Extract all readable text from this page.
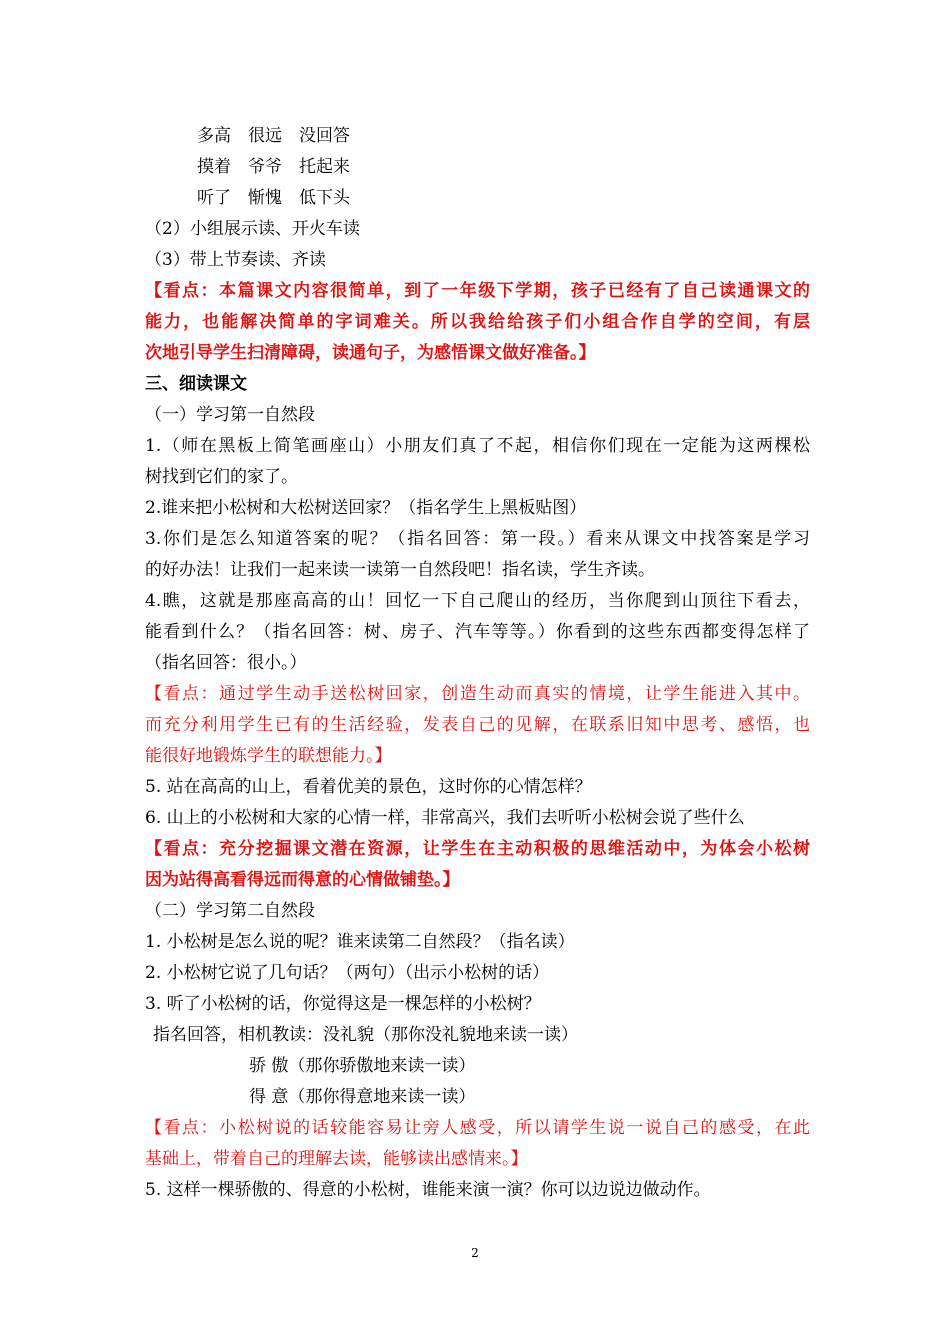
多高　很远　没回答
摸着　爷爷　托起来
听了　惭愧　低下头
（2）小组展示读、开火车读
（3）带上节奏读、齐读
【看点：本篇课文内容很简单，到了一年级下学期，孩子已经有了自己读通课文的
能力，也能解决简单的字词难关。所以我给给孩子们小组合作自学的空间，有层
次地引导学生扫清障碍，读通句子，为感悟课文做好准备。】
三、细读课文
（一）学习第一自然段
1.（师在黑板上简笔画座山）小朋友们真了不起，相信你们现在一定能为这两棵松
树找到它们的家了。
2.谁来把小松树和大松树送回家？（指名学生上黑板贴图）
3.你们是怎么知道答案的呢？（指名回答：第一段。）看来从课文中找答案是学习
的好办法！让我们一起来读一读第一自然段吧！指名读，学生齐读。
4.瞧，这就是那座高高的山！回忆一下自己爬山的经历，当你爬到山顶往下看去，
能看到什么？（指名回答：树、房子、汽车等等。）你看到的这些东西都变得怎样了
（指名回答：很小。）
【看点：通过学生动手送松树回家，创造生动而真实的情境，让学生能进入其中。
而充分利用学生已有的生活经验，发表自己的见解，在联系旧知中思考、感悟，也
能很好地锻炼学生的联想能力。】
5. 站在高高的山上，看着优美的景色，这时你的心情怎样？
6. 山上的小松树和大家的心情一样，非常高兴，我们去听听小松树会说了些什么
【看点：充分挖掘课文潜在资源，让学生在主动积极的思维活动中，为体会小松树
因为站得高看得远而得意的心情做铺垫。】
（二）学习第二自然段
1. 小松树是怎么说的呢？谁来读第二自然段？（指名读）
2. 小松树它说了几句话？（两句）（出示小松树的话）
3. 听了小松树的话，你觉得这是一棵怎样的小松树？
指名回答，相机教读：没礼貌（那你没礼貌地来读一读）
骄 傲（那你骄傲地来读一读）
得 意（那你得意地来读一读）
【看点：小松树说的话较能容易让旁人感受，所以请学生说一说自己的感受，在此
基础上，带着自己的理解去读，能够读出感情来。】
5. 这样一棵骄傲的、得意的小松树，谁能来演一演？你可以边说边做动作。
2
